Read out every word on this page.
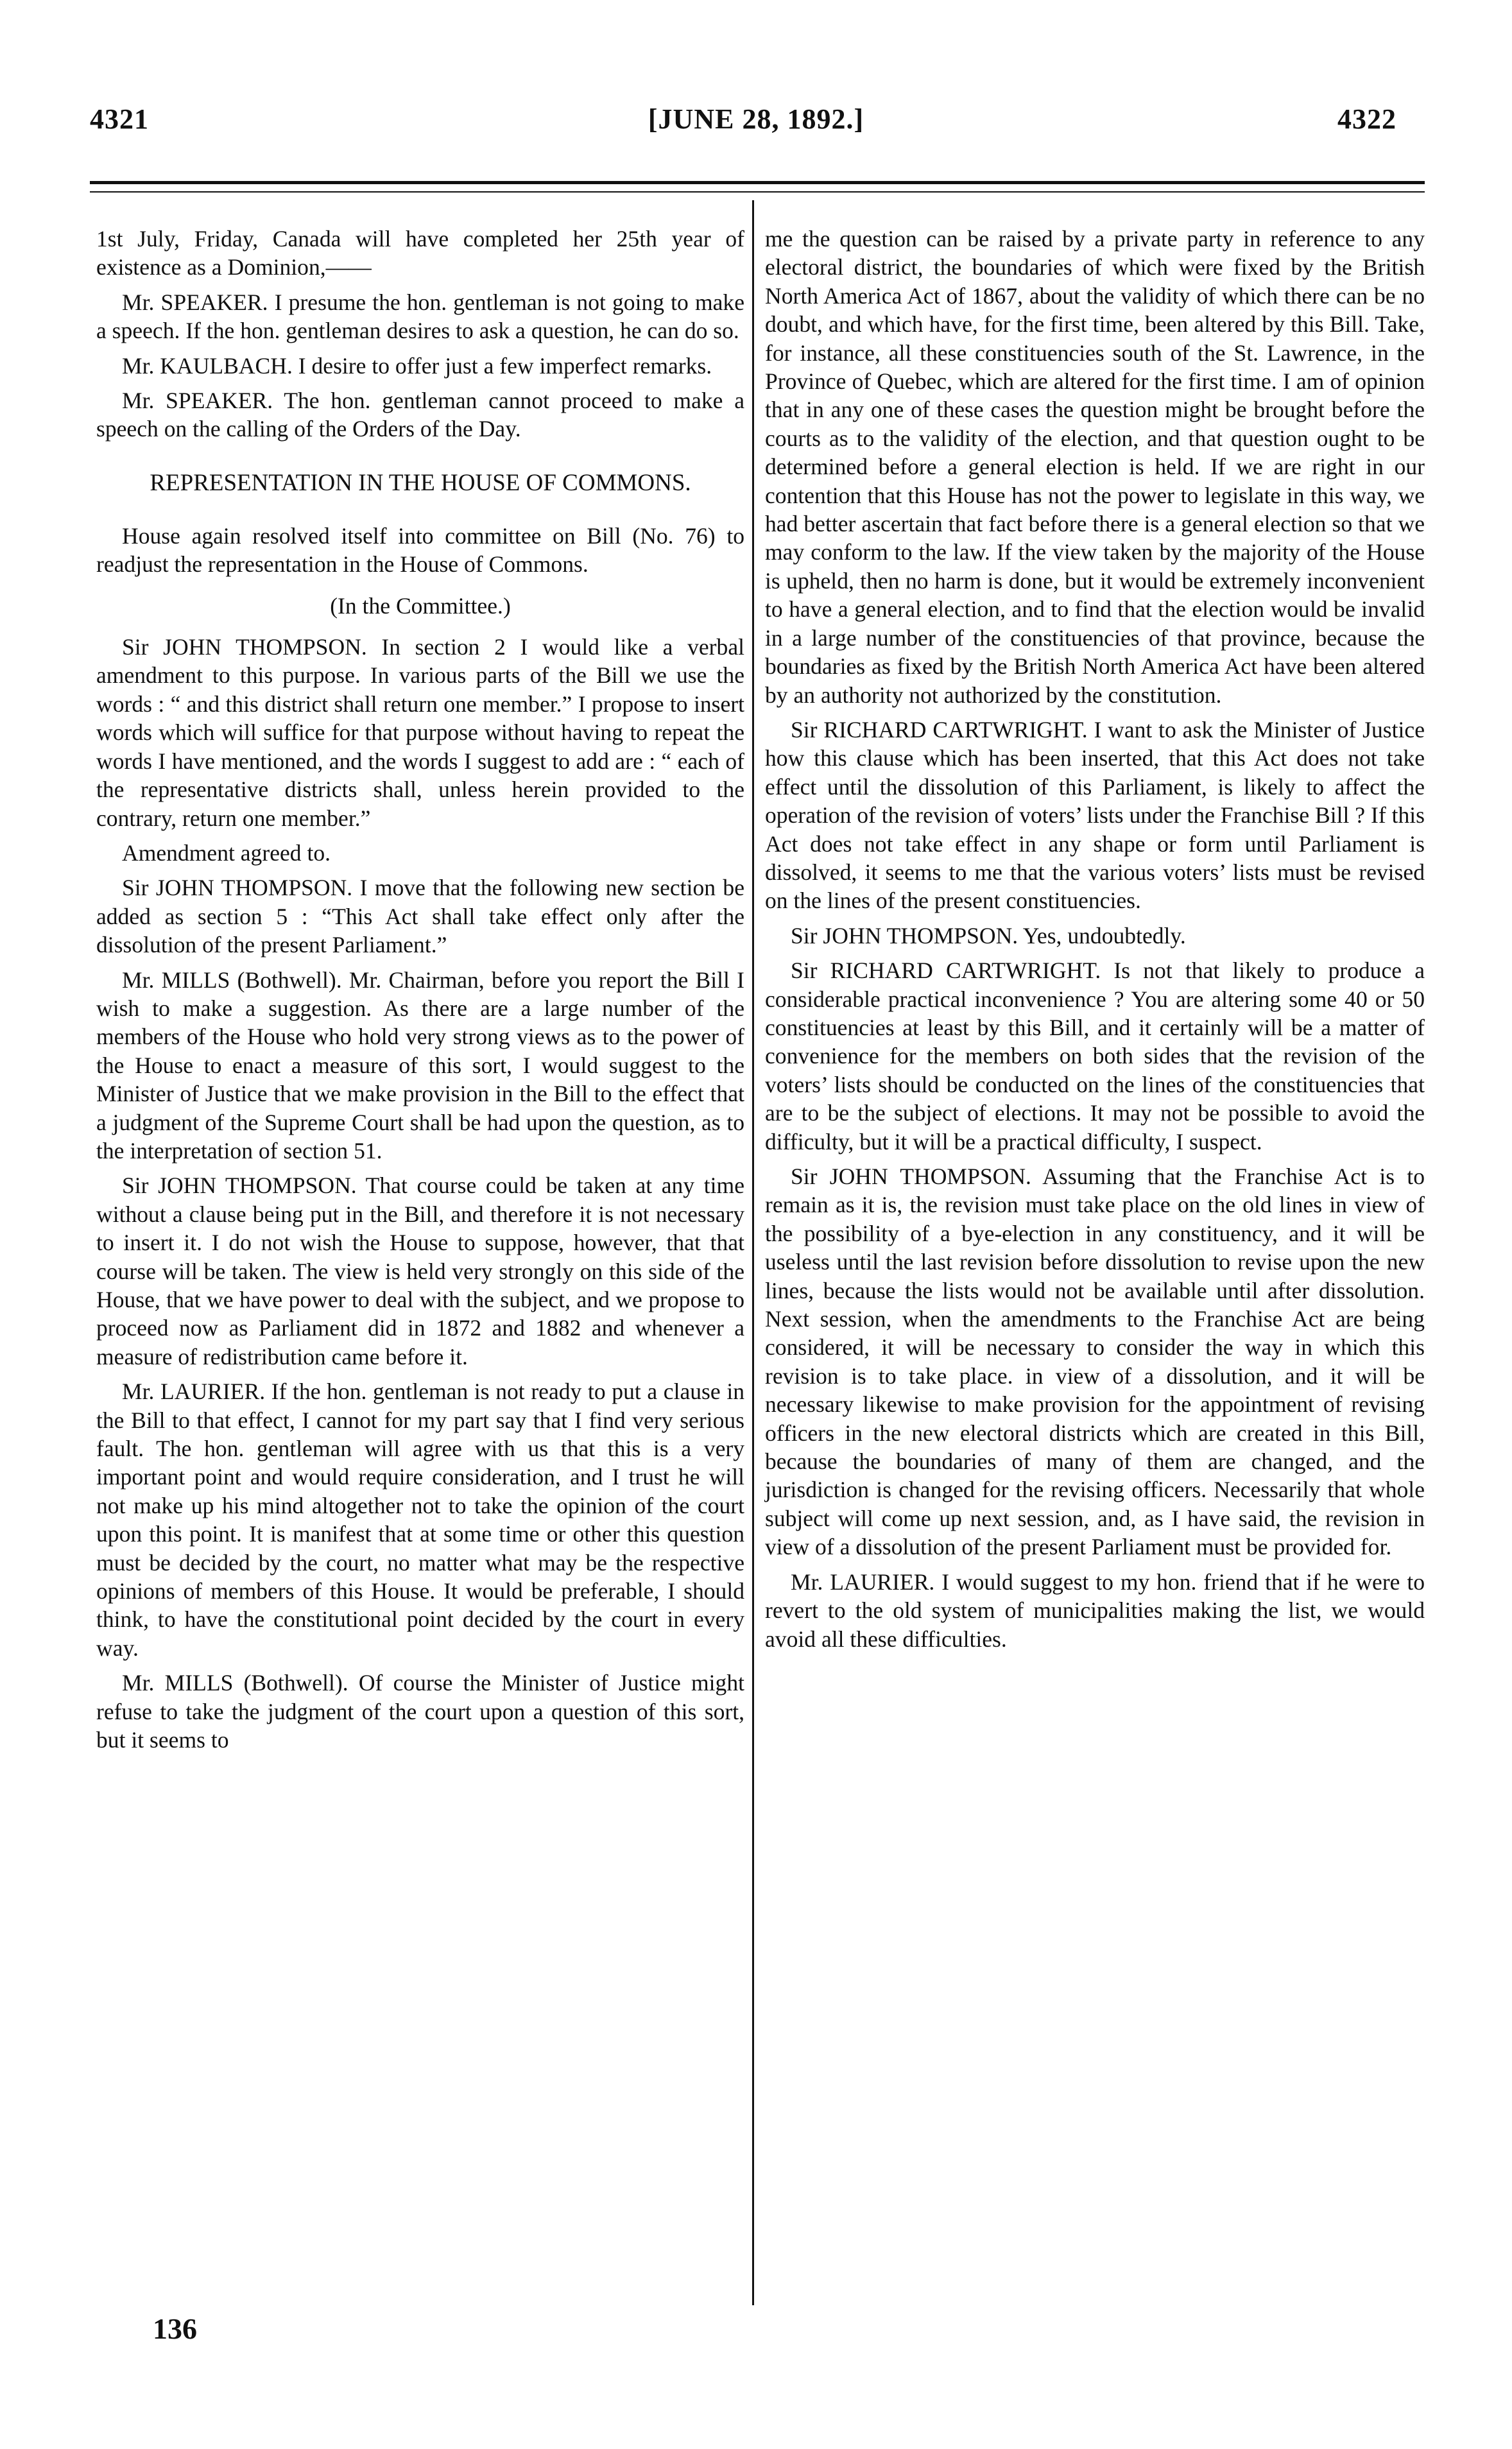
4321	[JUNE 28, 1892.]	4322

1st July, Friday, Canada will have completed her 25th year of existence as a Dominion,——

Mr. SPEAKER. I presume the hon. gentleman is not going to make a speech. If the hon. gentleman desires to ask a question, he can do so.

Mr. KAULBACH. I desire to offer just a few imperfect remarks.

Mr. SPEAKER. The hon. gentleman cannot proceed to make a speech on the calling of the Orders of the Day.

REPRESENTATION IN THE HOUSE OF COMMONS.

House again resolved itself into committee on Bill (No. 76) to readjust the representation in the House of Commons.

(In the Committee.)

Sir JOHN THOMPSON. In section 2 I would like a verbal amendment to this purpose. In various parts of the Bill we use the words : “ and this district shall return one member.” I propose to insert words which will suffice for that purpose without having to repeat the words I have mentioned, and the words I suggest to add are : “ each of the representative districts shall, unless herein provided to the contrary, return one member.”

Amendment agreed to.

Sir JOHN THOMPSON. I move that the following new section be added as section 5 : “This Act shall take effect only after the dissolution of the present Parliament.”

Mr. MILLS (Bothwell). Mr. Chairman, before you report the Bill I wish to make a suggestion. As there are a large number of the members of the House who hold very strong views as to the power of the House to enact a measure of this sort, I would suggest to the Minister of Justice that we make provision in the Bill to the effect that a judgment of the Supreme Court shall be had upon the question, as to the interpretation of section 51.

Sir JOHN THOMPSON. That course could be taken at any time without a clause being put in the Bill, and therefore it is not necessary to insert it. I do not wish the House to suppose, however, that that course will be taken. The view is held very strongly on this side of the House, that we have power to deal with the subject, and we propose to proceed now as Parliament did in 1872 and 1882 and whenever a measure of redistribution came before it.

Mr. LAURIER. If the hon. gentleman is not ready to put a clause in the Bill to that effect, I cannot for my part say that I find very serious fault. The hon. gentleman will agree with us that this is a very important point and would require consideration, and I trust he will not make up his mind altogether not to take the opinion of the court upon this point. It is manifest that at some time or other this question must be decided by the court, no matter what may be the respective opinions of members of this House. It would be preferable, I should think, to have the constitutional point decided by the court in every way.

Mr. MILLS (Bothwell). Of course the Minister of Justice might refuse to take the judgment of the court upon a question of this sort, but it seems to

me the question can be raised by a private party in reference to any electoral district, the boundaries of which were fixed by the British North America Act of 1867, about the validity of which there can be no doubt, and which have, for the first time, been altered by this Bill. Take, for instance, all these constituencies south of the St. Lawrence, in the Province of Quebec, which are altered for the first time. I am of opinion that in any one of these cases the question might be brought before the courts as to the validity of the election, and that question ought to be determined before a general election is held. If we are right in our contention that this House has not the power to legislate in this way, we had better ascertain that fact before there is a general election so that we may conform to the law. If the view taken by the majority of the House is upheld, then no harm is done, but it would be extremely inconvenient to have a general election, and to find that the election would be invalid in a large number of the constituencies of that province, because the boundaries as fixed by the British North America Act have been altered by an authority not authorized by the constitution.

Sir RICHARD CARTWRIGHT. I want to ask the Minister of Justice how this clause which has been inserted, that this Act does not take effect until the dissolution of this Parliament, is likely to affect the operation of the revision of voters’ lists under the Franchise Bill ? If this Act does not take effect in any shape or form until Parliament is dissolved, it seems to me that the various voters’ lists must be revised on the lines of the present constituencies.

Sir JOHN THOMPSON. Yes, undoubtedly.

Sir RICHARD CARTWRIGHT. Is not that likely to produce a considerable practical inconvenience ? You are altering some 40 or 50 constituencies at least by this Bill, and it certainly will be a matter of convenience for the members on both sides that the revision of the voters’ lists should be conducted on the lines of the constituencies that are to be the subject of elections. It may not be possible to avoid the difficulty, but it will be a practical difficulty, I suspect.

Sir JOHN THOMPSON. Assuming that the Franchise Act is to remain as it is, the revision must take place on the old lines in view of the possibility of a bye-election in any constituency, and it will be useless until the last revision before dissolution to revise upon the new lines, because the lists would not be available until after dissolution. Next session, when the amendments to the Franchise Act are being considered, it will be necessary to consider the way in which this revision is to take place. in view of a dissolution, and it will be necessary likewise to make provision for the appointment of revising officers in the new electoral districts which are created in this Bill, because the boundaries of many of them are changed, and the jurisdiction is changed for the revising officers. Necessarily that whole subject will come up next session, and, as I have said, the revision in view of a dissolution of the present Parliament must be provided for.

Mr. LAURIER. I would suggest to my hon. friend that if he were to revert to the old system of municipalities making the list, we would avoid all these difficulties.

136
